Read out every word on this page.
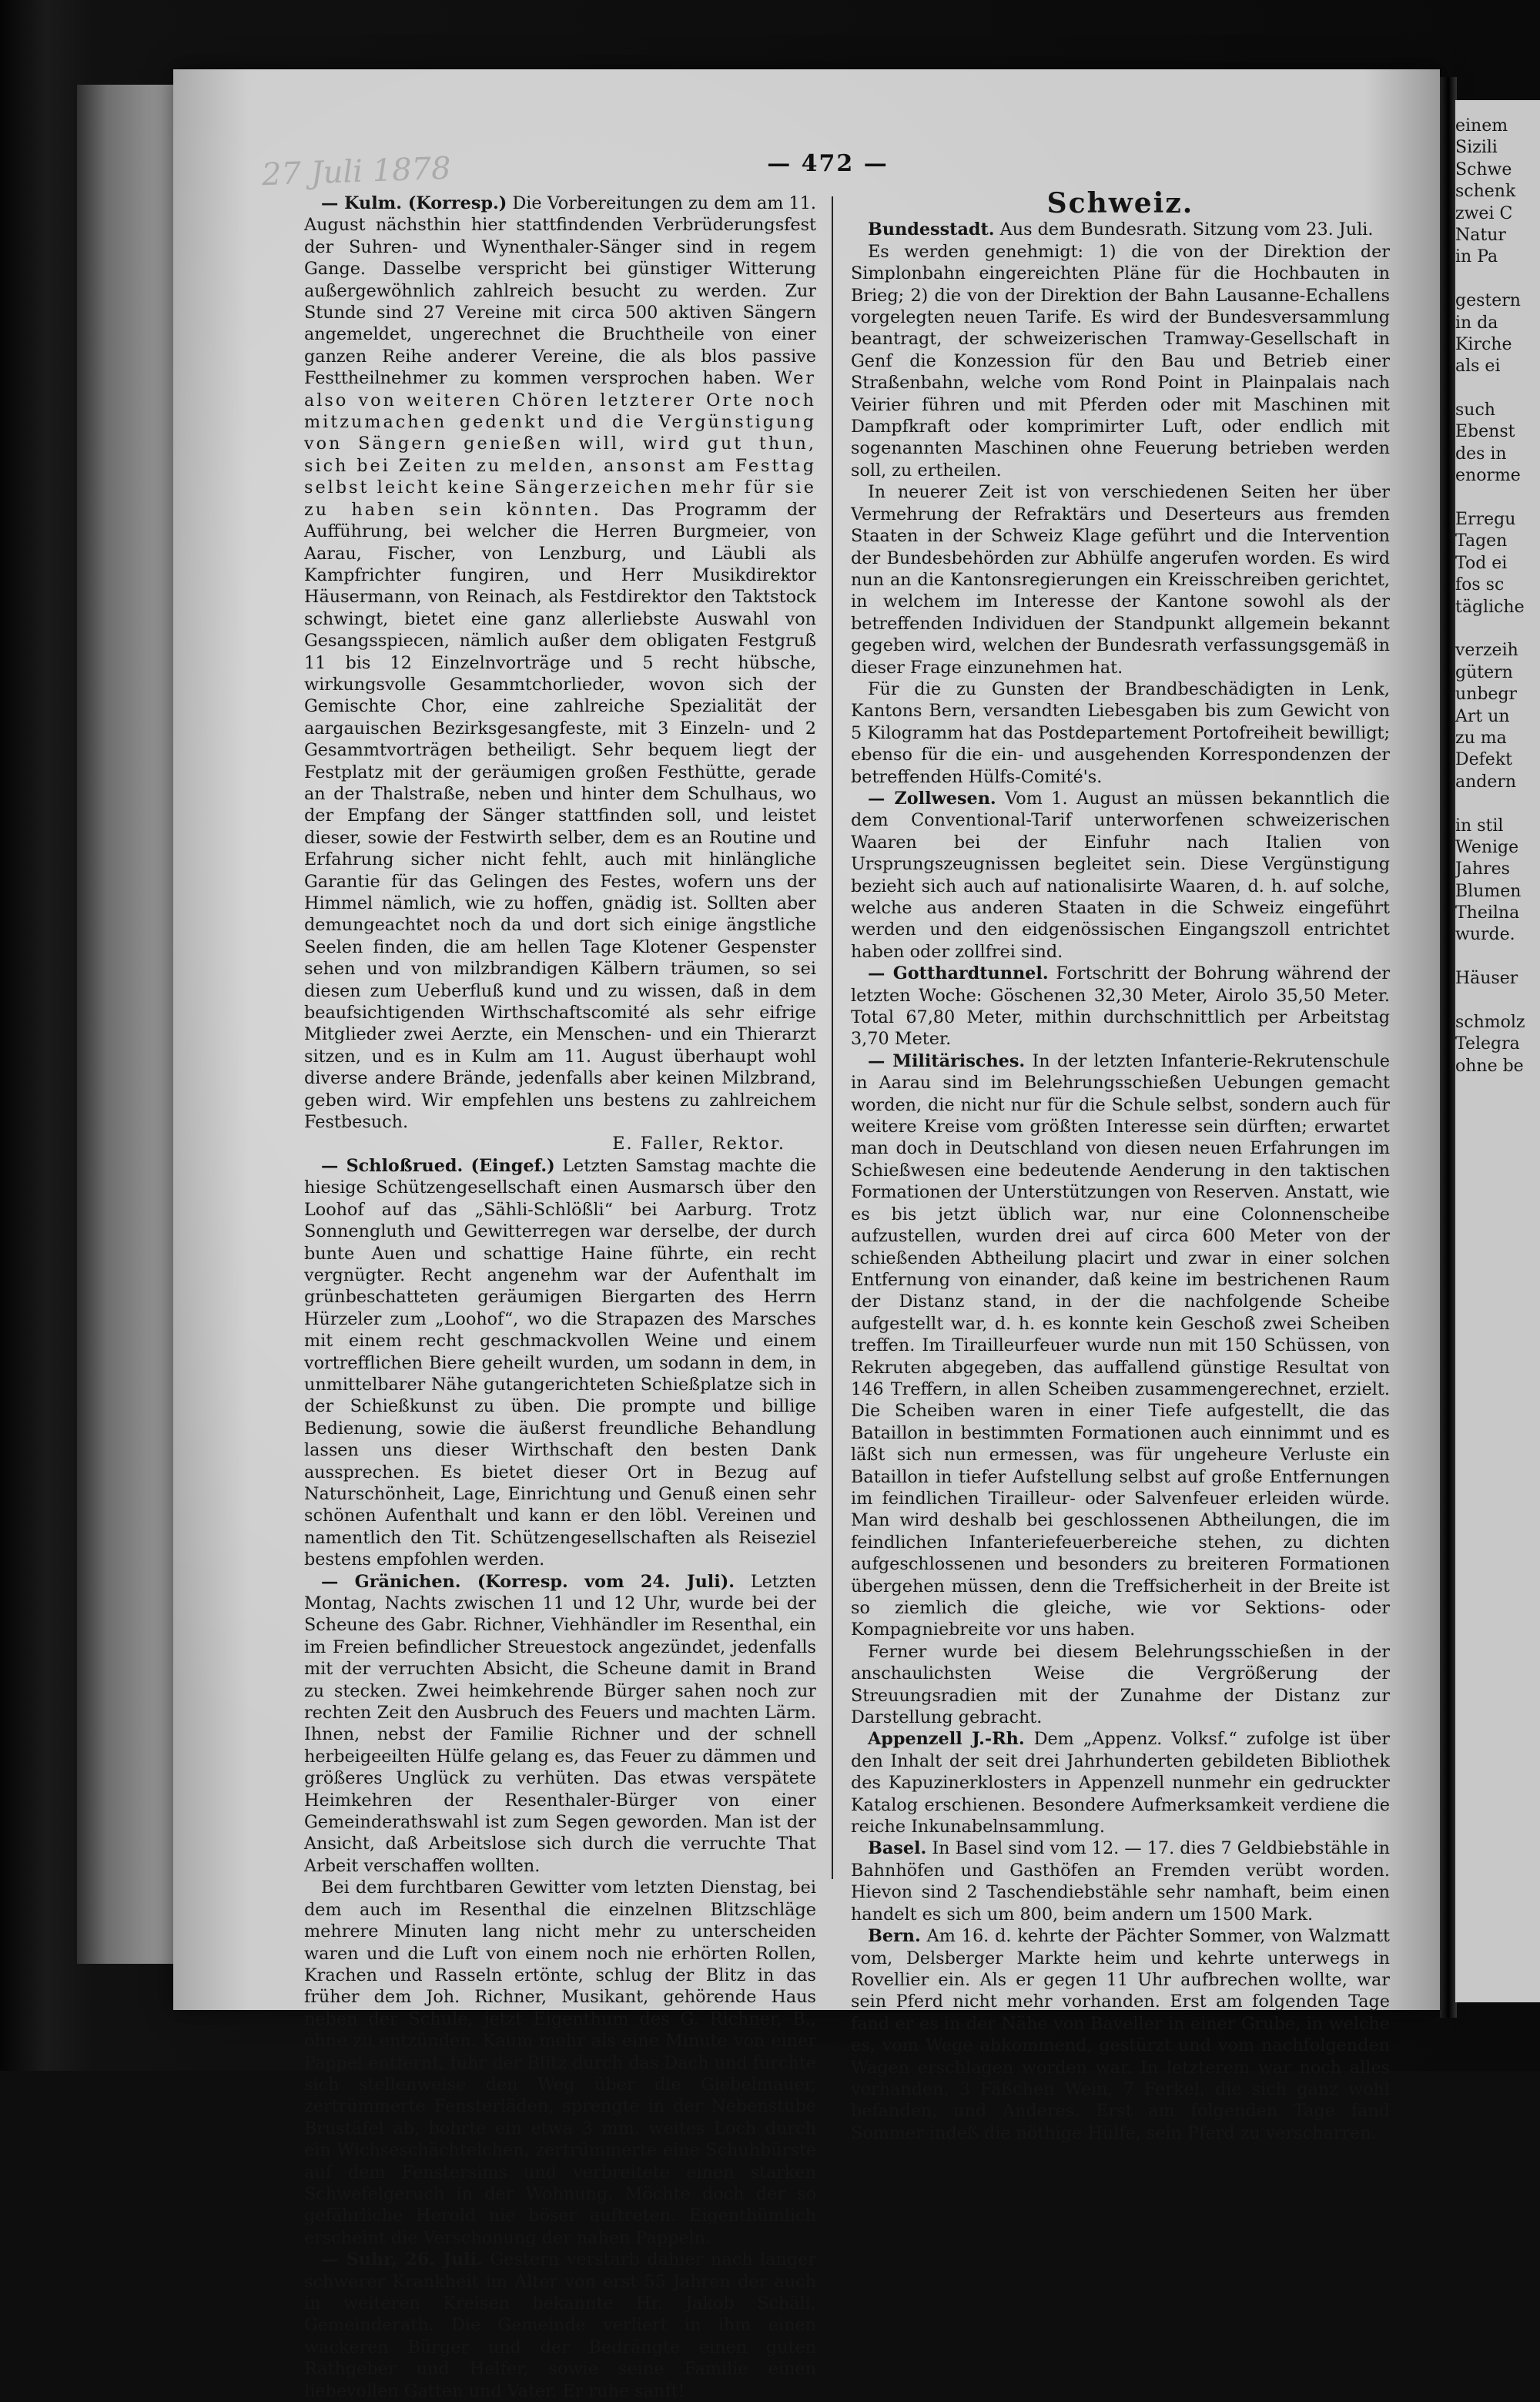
einem
Sizili
Schwe
schenk
zwei C
Natur
in Pa
gestern
in da
Kirche
als ei
such
Ebenst
des in
enorme
Erregu
Tagen
Tod ei
fos sc
tägliche
verzeih
gütern
unbegr
Art un
zu ma
Defekt
andern
in stil
Wenige
Jahres
Blumen
Theilna
wurde.
Häuser
schmolz
Telegra
ohne be
27 Juli 1878	— 472 —

— Kulm. (Korresp.) Die Vorbereitungen zu dem am 11. August nächsthin hier stattfindenden Verbrüderungsfest der Suhren- und Wynenthaler-Sänger sind in regem Gange. Dasselbe verspricht bei günstiger Witterung außergewöhnlich zahlreich besucht zu werden. Zur Stunde sind 27 Vereine mit circa 500 aktiven Sängern angemeldet, ungerechnet die Bruchtheile von einer ganzen Reihe anderer Vereine, die als blos passive Festtheilnehmer zu kommen versprochen haben. Wer also von weiteren Chören letzterer Orte noch mitzumachen gedenkt und die Vergünstigung von Sängern genießen will, wird gut thun, sich bei Zeiten zu melden, ansonst am Festtag selbst leicht keine Sängerzeichen mehr für sie zu haben sein könnten. Das Programm der Aufführung, bei welcher die Herren Burgmeier, von Aarau, Fischer, von Lenzburg, und Läubli als Kampfrichter fungiren, und Herr Musikdirektor Häusermann, von Reinach, als Festdirektor den Taktstock schwingt, bietet eine ganz allerliebste Auswahl von Gesangsspiecen, nämlich außer dem obligaten Festgruß 11 bis 12 Einzelnvorträge und 5 recht hübsche, wirkungsvolle Gesammtchorlieder, wovon sich der Gemischte Chor, eine zahlreiche Spezialität der aargauischen Bezirksgesangfeste, mit 3 Einzeln- und 2 Gesammtvorträgen betheiligt. Sehr bequem liegt der Festplatz mit der geräumigen großen Festhütte, gerade an der Thalstraße, neben und hinter dem Schulhaus, wo der Empfang der Sänger stattfinden soll, und leistet dieser, sowie der Festwirth selber, dem es an Routine und Erfahrung sicher nicht fehlt, auch mit hinlängliche Garantie für das Gelingen des Festes, wofern uns der Himmel nämlich, wie zu hoffen, gnädig ist. Sollten aber demungeachtet noch da und dort sich einige ängstliche Seelen finden, die am hellen Tage Klotener Gespenster sehen und von milzbrandigen Kälbern träumen, so sei diesen zum Ueberfluß kund und zu wissen, daß in dem beaufsichtigenden Wirthschaftscomité als sehr eifrige Mitglieder zwei Aerzte, ein Menschen- und ein Thierarzt sitzen, und es in Kulm am 11. August überhaupt wohl diverse andere Brände, jedenfalls aber keinen Milzbrand, geben wird. Wir empfehlen uns bestens zu zahlreichem Festbesuch.

E. Faller, Rektor.

— Schloßrued. (Eingef.) Letzten Samstag machte die hiesige Schützengesellschaft einen Ausmarsch über den Loohof auf das „Sähli-Schlößli“ bei Aarburg. Trotz Sonnengluth und Gewitterregen war derselbe, der durch bunte Auen und schattige Haine führte, ein recht vergnügter. Recht angenehm war der Aufenthalt im grünbeschatteten geräumigen Biergarten des Herrn Hürzeler zum „Loohof“, wo die Strapazen des Marsches mit einem recht geschmackvollen Weine und einem vortrefflichen Biere geheilt wurden, um sodann in dem, in unmittelbarer Nähe gutangerichteten Schießplatze sich in der Schießkunst zu üben. Die prompte und billige Bedienung, sowie die äußerst freundliche Behandlung lassen uns dieser Wirthschaft den besten Dank aussprechen. Es bietet dieser Ort in Bezug auf Naturschönheit, Lage, Einrichtung und Genuß einen sehr schönen Aufenthalt und kann er den löbl. Vereinen und namentlich den Tit. Schützengesellschaften als Reiseziel bestens empfohlen werden.

— Gränichen. (Korresp. vom 24. Juli). Letzten Montag, Nachts zwischen 11 und 12 Uhr, wurde bei der Scheune des Gabr. Richner, Viehhändler im Resenthal, ein im Freien befindlicher Streuestock angezündet, jedenfalls mit der verruchten Absicht, die Scheune damit in Brand zu stecken. Zwei heimkehrende Bürger sahen noch zur rechten Zeit den Ausbruch des Feuers und machten Lärm. Ihnen, nebst der Familie Richner und der schnell herbeigeeilten Hülfe gelang es, das Feuer zu dämmen und größeres Unglück zu verhüten. Das etwas verspätete Heimkehren der Resenthaler-Bürger von einer Gemeinderathswahl ist zum Segen geworden. Man ist der Ansicht, daß Arbeitslose sich durch die verruchte That Arbeit verschaffen wollten.

Bei dem furchtbaren Gewitter vom letzten Dienstag, bei dem auch im Resenthal die einzelnen Blitzschläge mehrere Minuten lang nicht mehr zu unterscheiden waren und die Luft von einem noch nie erhörten Rollen, Krachen und Rasseln ertönte, schlug der Blitz in das früher dem Joh. Richner, Musikant, gehörende Haus neben der Schule, jetzt Eigenthum des G. Richner, B., ohne zu entzünden. Kaum mehr als eine Minute von einer Pappel entfernt, fuhr der Blitz durch das Dach und furchte sich stellenweise den Weg über die Giebelmauer, zertrümmerte Fensterläden, sprengte in der Nebenstube Brustäfel ab, bohrte ein etwa 3 mm. weites Loch durch ein Wichseschächtelchen, zertrümmerte eine Schuhbürste auf dem Fenstersims und verbreitete einen starken Schwefelgeruch in der Wohnung. Möchte doch der so gefährliche Herold nie böser auftreten. Eigenthümlich erscheint die Verschonung der nahen Pappeln.

— Suhr, 26. Juli. Gestern verstarb dahier nach langer schwerer Krankheit im Alter von erst 55 Jahren der auch in weiteren Kreisen bekannte Hr. Jakob Schäli, Gemeinderath. Die Gemeinde verliert in ihm einen wackeren Bürger und der Bedrängte einen guten Rathgeber und Helfer, sowie seine Familie einen liebevollen Gatten und Vater. Er ruhe sanft!

Schweiz.

Bundesstadt. Aus dem Bundesrath. Sitzung vom 23. Juli.

Es werden genehmigt: 1) die von der Direktion der Simplonbahn eingereichten Pläne für die Hochbauten in Brieg; 2) die von der Direktion der Bahn Lausanne-Echallens vorgelegten neuen Tarife. Es wird der Bundesversammlung beantragt, der schweizerischen Tramway-Gesellschaft in Genf die Konzession für den Bau und Betrieb einer Straßenbahn, welche vom Rond Point in Plainpalais nach Veirier führen und mit Pferden oder mit Maschinen mit Dampfkraft oder komprimirter Luft, oder endlich mit sogenannten Maschinen ohne Feuerung betrieben werden soll, zu ertheilen.

In neuerer Zeit ist von verschiedenen Seiten her über Vermehrung der Refraktärs und Deserteurs aus fremden Staaten in der Schweiz Klage geführt und die Intervention der Bundesbehörden zur Abhülfe angerufen worden. Es wird nun an die Kantonsregierungen ein Kreisschreiben gerichtet, in welchem im Interesse der Kantone sowohl als der betreffenden Individuen der Standpunkt allgemein bekannt gegeben wird, welchen der Bundesrath verfassungsgemäß in dieser Frage einzunehmen hat.

Für die zu Gunsten der Brandbeschädigten in Lenk, Kantons Bern, versandten Liebesgaben bis zum Gewicht von 5 Kilogramm hat das Postdepartement Portofreiheit bewilligt; ebenso für die ein- und ausgehenden Korrespondenzen der betreffenden Hülfs-Comité's.

— Zollwesen. Vom 1. August an müssen bekanntlich die dem Conventional-Tarif unterworfenen schweizerischen Waaren bei der Einfuhr nach Italien von Ursprungszeugnissen begleitet sein. Diese Vergünstigung bezieht sich auch auf nationalisirte Waaren, d. h. auf solche, welche aus anderen Staaten in die Schweiz eingeführt werden und den eidgenössischen Eingangszoll entrichtet haben oder zollfrei sind.

— Gotthardtunnel. Fortschritt der Bohrung während der letzten Woche: Göschenen 32,30 Meter, Airolo 35,50 Meter. Total 67,80 Meter, mithin durchschnittlich per Arbeitstag 3,70 Meter.

— Militärisches. In der letzten Infanterie-Rekrutenschule in Aarau sind im Belehrungsschießen Uebungen gemacht worden, die nicht nur für die Schule selbst, sondern auch für weitere Kreise vom größten Interesse sein dürften; erwartet man doch in Deutschland von diesen neuen Erfahrungen im Schießwesen eine bedeutende Aenderung in den taktischen Formationen der Unterstützungen von Reserven. Anstatt, wie es bis jetzt üblich war, nur eine Colonnenscheibe aufzustellen, wurden drei auf circa 600 Meter von der schießenden Abtheilung placirt und zwar in einer solchen Entfernung von einander, daß keine im bestrichenen Raum der Distanz stand, in der die nachfolgende Scheibe aufgestellt war, d. h. es konnte kein Geschoß zwei Scheiben treffen. Im Tirailleurfeuer wurde nun mit 150 Schüssen, von Rekruten abgegeben, das auffallend günstige Resultat von 146 Treffern, in allen Scheiben zusammengerechnet, erzielt. Die Scheiben waren in einer Tiefe aufgestellt, die das Bataillon in bestimmten Formationen auch einnimmt und es läßt sich nun ermessen, was für ungeheure Verluste ein Bataillon in tiefer Aufstellung selbst auf große Entfernungen im feindlichen Tirailleur- oder Salvenfeuer erleiden würde. Man wird deshalb bei geschlossenen Abtheilungen, die im feindlichen Infanteriefeuerbereiche stehen, zu dichten aufgeschlossenen und besonders zu breiteren Formationen übergehen müssen, denn die Treffsicherheit in der Breite ist so ziemlich die gleiche, wie vor Sektions- oder Kompagniebreite vor uns haben.

Ferner wurde bei diesem Belehrungsschießen in der anschaulichsten Weise die Vergrößerung der Streuungsradien mit der Zunahme der Distanz zur Darstellung gebracht.

Appenzell J.-Rh. Dem „Appenz. Volksf.“ zufolge ist über den Inhalt der seit drei Jahrhunderten gebildeten Bibliothek des Kapuzinerklosters in Appenzell nunmehr ein gedruckter Katalog erschienen. Besondere Aufmerksamkeit verdiene die reiche Inkunabelnsammlung.

Basel. In Basel sind vom 12. — 17. dies 7 Geldbiebstähle in Bahnhöfen und Gasthöfen an Fremden verübt worden. Hievon sind 2 Taschendiebstähle sehr namhaft, beim einen handelt es sich um 800, beim andern um 1500 Mark.

Bern. Am 16. d. kehrte der Pächter Sommer, von Walzmatt vom, Delsberger Markte heim und kehrte unterwegs in Rovellier ein. Als er gegen 11 Uhr aufbrechen wollte, war sein Pferd nicht mehr vorhanden. Erst am folgenden Tage fand er es in der Nähe von Baveller in einer Grube, in welche es, vom Wege abkommend, gestürzt und vom nachfolgenden Wagen erschlagen worden war. In letzterem war noch alles vorhanden, 3 Fäßchen Wein, 7 Ferkel, die sich ganz wohl befanden, und Anderes. Erst am folgenden Tage fand Sommer indeß die nöthige Hülfe, sein Pferd zu verscharren.
